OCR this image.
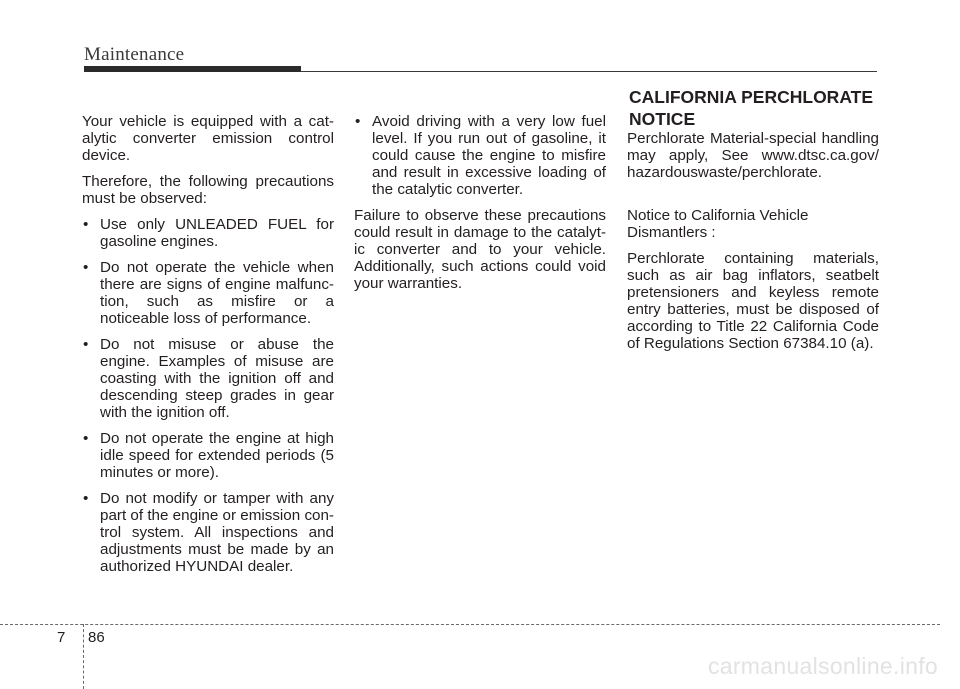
Maintenance

Your vehicle is equipped with a cat-alytic converter emission control device.

Therefore, the following precautions must be observed:

• Use only UNLEADED FUEL for gasoline engines.
• Do not operate the vehicle when there are signs of engine malfunc-tion, such as misfire or a noticeable loss of performance.
• Do not misuse or abuse the engine. Examples of misuse are coasting with the ignition off and descending steep grades in gear with the ignition off.
• Do not operate the engine at high idle speed for extended periods (5 minutes or more).
• Do not modify or tamper with any part of the engine or emission con-trol system. All inspections and adjustments must be made by an authorized HYUNDAI dealer.
• Avoid driving with a very low fuel level. If you run out of gasoline, it could cause the engine to misfire and result in excessive loading of the catalytic converter.

Failure to observe these precautions could result in damage to the catalyt-ic converter and to your vehicle. Additionally, such actions could void your warranties.

CALIFORNIA PERCHLORATE NOTICE

Perchlorate Material-special handling may apply, See www.dtsc.ca.gov/ hazardouswaste/perchlorate.

Notice to California Vehicle
Dismantlers :

Perchlorate containing materials, such as air bag inflators, seatbelt pretensioners and keyless remote entry batteries, must be disposed of according to Title 22 California Code of Regulations Section 67384.10 (a).

7 86
carmanualsonline.info
